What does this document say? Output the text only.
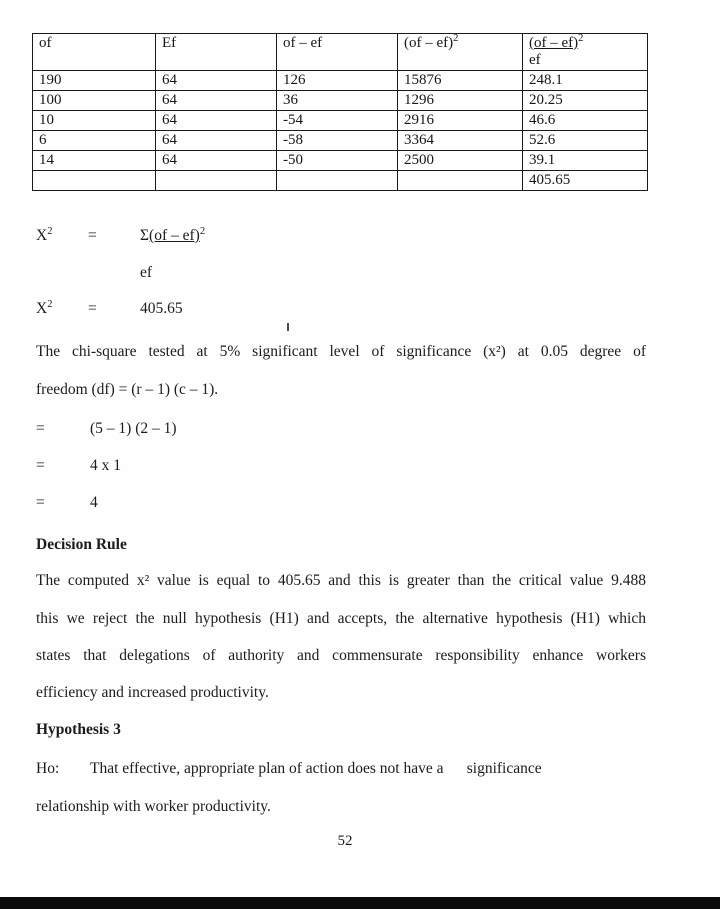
of	Ef	of – ef	(of – ef)$^2$	(of – ef)$^2$
ef

190	64	126	15876	248.1
100	64	36	1296	20.25
10	64	-54	2916	46.6
6	64	-58	3364	52.6
14	64	-50	2500	39.1
				405.65
$X^2$ =	Σ(of – ef)$^2$
ef
$X^2$ =	405.65
The chi-square tested at 5% significant level of significance (x²) at 0.05 degree of
freedom (df) = (r – 1) (c – 1).
=	(5 – 1) (2 – 1)
=	4 x 1
=	4
Decision Rule
The computed x² value is equal to 405.65 and this is greater than the critical value 9.488
this we reject the null hypothesis (H1) and accepts, the alternative hypothesis (H1) which
states that delegations of authority and commensurate responsibility enhance workers
efficiency and increased productivity.
Hypothesis 3
Ho: That effective, appropriate plan of action does not have a      significance
relationship with worker productivity.
52
